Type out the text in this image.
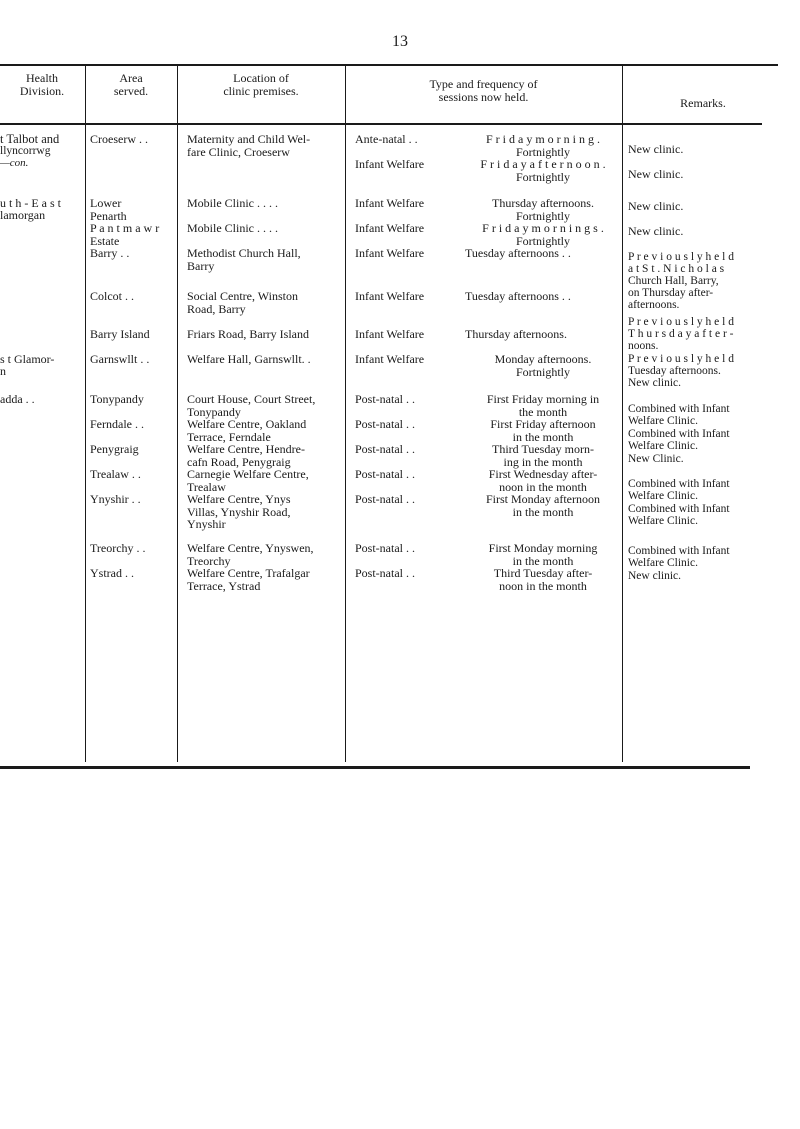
13
Health
Division.
Area
served.
Location of
clinic premises.	Type and frequency of
sessions now held.	Remarks.
t Talbot and
llyncorrwg
—con.
u t h - E a s t
lamorgan
s t Glamor-
n
adda . .
Croeserw . .
Lower
Penarth
P a n t m a w r
Estate
Barry . .
Colcot . .
Barry Island
Garnswllt . .
Tonypandy
Ferndale . .
Penygraig
Trealaw . .
Ynyshir . .
Treorchy . .
Ystrad . .
Maternity and Child Wel-
fare Clinic, Croeserw
Mobile Clinic . . . .
Mobile Clinic . . . .
Methodist Church Hall,
Barry
Social Centre, Winston
Road, Barry
Friars Road, Barry Island
Welfare Hall, Garnswllt. .
Court House, Court Street,
Tonypandy
Welfare Centre, Oakland
Terrace, Ferndale
Welfare Centre, Hendre-
cafn Road, Penygraig
Carnegie Welfare Centre,
Trealaw
Welfare Centre, Ynys
Villas, Ynyshir Road,
Ynyshir
Welfare Centre, Ynyswen,
Treorchy
Welfare Centre, Trafalgar
Terrace, Ystrad
Ante-natal . .
Infant Welfare
Infant Welfare
Infant Welfare
Infant Welfare
Infant Welfare
Infant Welfare
Infant Welfare
Post-natal . .
Post-natal . .
Post-natal . .
Post-natal . .
Post-natal . .
Post-natal . .
Post-natal . .
F r i d a y m o r n i n g .
Fortnightly
F r i d a y a f t e r n o o n .
Fortnightly
Thursday afternoons.
Fortnightly
F r i d a y m o r n i n g s .
Fortnightly
Tuesday afternoons . .
Tuesday afternoons . .
Thursday afternoons.
Monday afternoons.
Fortnightly
First Friday morning in
the month
First Friday afternoon
in the month
Third Tuesday morn-
ing in the month
First Wednesday after-
noon in the month
First Monday afternoon
in the month
First Monday morning
in the month
Third Tuesday after-
noon in the month
New clinic.
New clinic.
New clinic.
New clinic.
P r e v i o u s l y h e l d
a t S t . N i c h o l a s
Church Hall, Barry,
on Thursday after-
afternoons.
P r e v i o u s l y h e l d
T h u r s d a y a f t e r -
noons.
P r e v i o u s l y h e l d
Tuesday afternoons.
New clinic.
Combined with Infant
Welfare Clinic.
Combined with Infant
Welfare Clinic.
New Clinic.
Combined with Infant
Welfare Clinic.
Combined with Infant
Welfare Clinic.
Combined with Infant
Welfare Clinic.
New clinic.
